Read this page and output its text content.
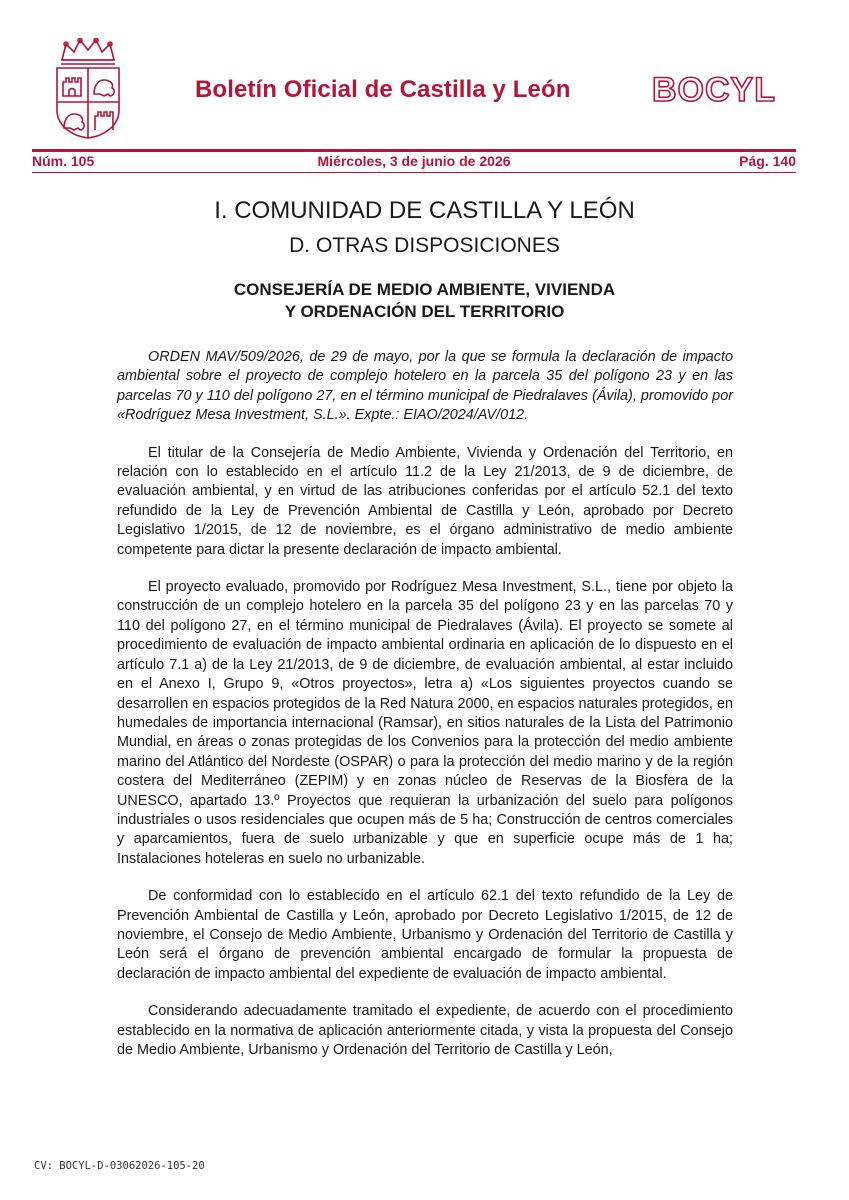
Boletín Oficial de Castilla y León BOCYL
Núm. 105	Miércoles, 3 de junio de 2026	Pág. 140
I. COMUNIDAD DE CASTILLA Y LEÓN
D. OTRAS DISPOSICIONES
CONSEJERÍA DE MEDIO AMBIENTE, VIVIENDA
Y ORDENACIÓN DEL TERRITORIO

ORDEN MAV/509/2026, de 29 de mayo, por la que se formula la declaración de impacto ambiental sobre el proyecto de complejo hotelero en la parcela 35 del polígono 23 y en las parcelas 70 y 110 del polígono 27, en el término municipal de Piedralaves (Ávila), promovido por «Rodríguez Mesa Investment, S.L.». Expte.: EIAO/2024/AV/012.

El titular de la Consejería de Medio Ambiente, Vivienda y Ordenación del Territorio, en relación con lo establecido en el artículo 11.2 de la Ley 21/2013, de 9 de diciembre, de evaluación ambiental, y en virtud de las atribuciones conferidas por el artículo 52.1 del texto refundido de la Ley de Prevención Ambiental de Castilla y León, aprobado por Decreto Legislativo 1/2015, de 12 de noviembre, es el órgano administrativo de medio ambiente competente para dictar la presente declaración de impacto ambiental.

El proyecto evaluado, promovido por Rodríguez Mesa Investment, S.L., tiene por objeto la construcción de un complejo hotelero en la parcela 35 del polígono 23 y en las parcelas 70 y 110 del polígono 27, en el término municipal de Piedralaves (Ávila). El proyecto se somete al procedimiento de evaluación de impacto ambiental ordinaria en aplicación de lo dispuesto en el artículo 7.1 a) de la Ley 21/2013, de 9 de diciembre, de evaluación ambiental, al estar incluido en el Anexo I, Grupo 9, «Otros proyectos», letra a) «Los siguientes proyectos cuando se desarrollen en espacios protegidos de la Red Natura 2000, en espacios naturales protegidos, en humedales de importancia internacional (Ramsar), en sitios naturales de la Lista del Patrimonio Mundial, en áreas o zonas protegidas de los Convenios para la protección del medio ambiente marino del Atlántico del Nordeste (OSPAR) o para la protección del medio marino y de la región costera del Mediterráneo (ZEPIM) y en zonas núcleo de Reservas de la Biosfera de la UNESCO, apartado 13.º Proyectos que requieran la urbanización del suelo para polígonos industriales o usos residenciales que ocupen más de 5 ha; Construcción de centros comerciales y aparcamientos, fuera de suelo urbanizable y que en superficie ocupe más de 1 ha; Instalaciones hoteleras en suelo no urbanizable.

De conformidad con lo establecido en el artículo 62.1 del texto refundido de la Ley de Prevención Ambiental de Castilla y León, aprobado por Decreto Legislativo 1/2015, de 12 de noviembre, el Consejo de Medio Ambiente, Urbanismo y Ordenación del Territorio de Castilla y León será el órgano de prevención ambiental encargado de formular la propuesta de declaración de impacto ambiental del expediente de evaluación de impacto ambiental.

Considerando adecuadamente tramitado el expediente, de acuerdo con el procedimiento establecido en la normativa de aplicación anteriormente citada, y vista la propuesta del Consejo de Medio Ambiente, Urbanismo y Ordenación del Territorio de Castilla y León,

CV: BOCYL-D-03062026-105-20
